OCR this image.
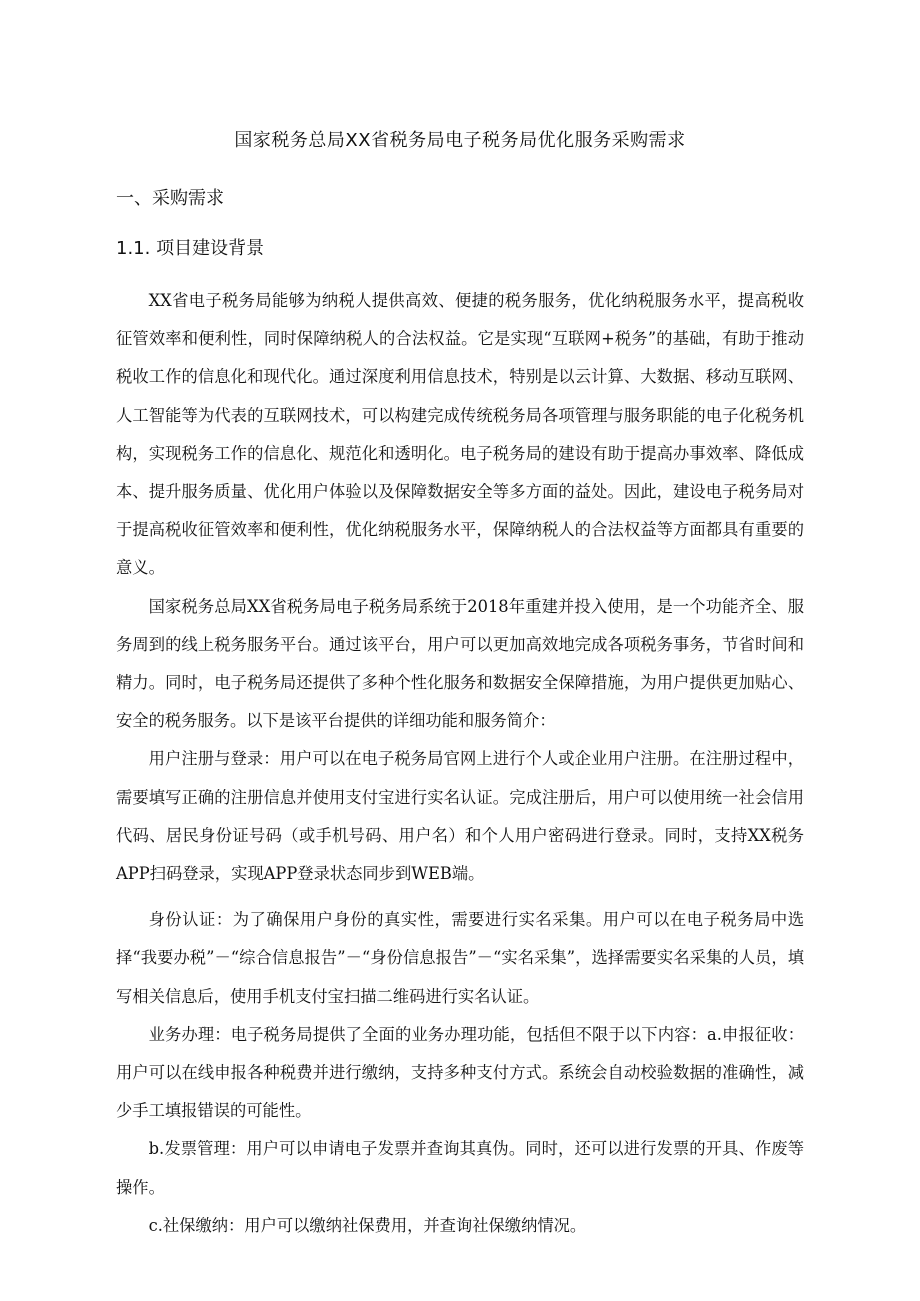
国家税务总局XX省税务局电子税务局优化服务采购需求
一、采购需求
1.1. 项目建设背景

XX省电子税务局能够为纳税人提供高效、便捷的税务服务，优化纳税服务水平，提高税收征管效率和便利性，同时保障纳税人的合法权益。它是实现“互联网+税务”的基础，有助于推动税收工作的信息化和现代化。通过深度利用信息技术，特别是以云计算、大数据、移动互联网、人工智能等为代表的互联网技术，可以构建完成传统税务局各项管理与服务职能的电子化税务机构，实现税务工作的信息化、规范化和透明化。电子税务局的建设有助于提高办事效率、降低成本、提升服务质量、优化用户体验以及保障数据安全等多方面的益处。因此，建设电子税务局对于提高税收征管效率和便利性，优化纳税服务水平，保障纳税人的合法权益等方面都具有重要的意义。

国家税务总局XX省税务局电子税务局系统于2018年重建并投入使用，是一个功能齐全、服务周到的线上税务服务平台。通过该平台，用户可以更加高效地完成各项税务事务，节省时间和精力。同时，电子税务局还提供了多种个性化服务和数据安全保障措施，为用户提供更加贴心、安全的税务服务。以下是该平台提供的详细功能和服务简介：

用户注册与登录：用户可以在电子税务局官网上进行个人或企业用户注册。在注册过程中，需要填写正确的注册信息并使用支付宝进行实名认证。完成注册后，用户可以使用统一社会信用代码、居民身份证号码（或手机号码、用户名）和个人用户密码进行登录。同时，支持XX税务APP扫码登录，实现APP登录状态同步到WEB端。

身份认证：为了确保用户身份的真实性，需要进行实名采集。用户可以在电子税务局中选择“我要办税”－“综合信息报告”－“身份信息报告”－“实名采集”，选择需要实名采集的人员，填写相关信息后，使用手机支付宝扫描二维码进行实名认证。

业务办理：电子税务局提供了全面的业务办理功能，包括但不限于以下内容：a.申报征收：用户可以在线申报各种税费并进行缴纳，支持多种支付方式。系统会自动校验数据的准确性，减少手工填报错误的可能性。

b.发票管理：用户可以申请电子发票并查询其真伪。同时，还可以进行发票的开具、作废等操作。

c.社保缴纳：用户可以缴纳社保费用，并查询社保缴纳情况。
